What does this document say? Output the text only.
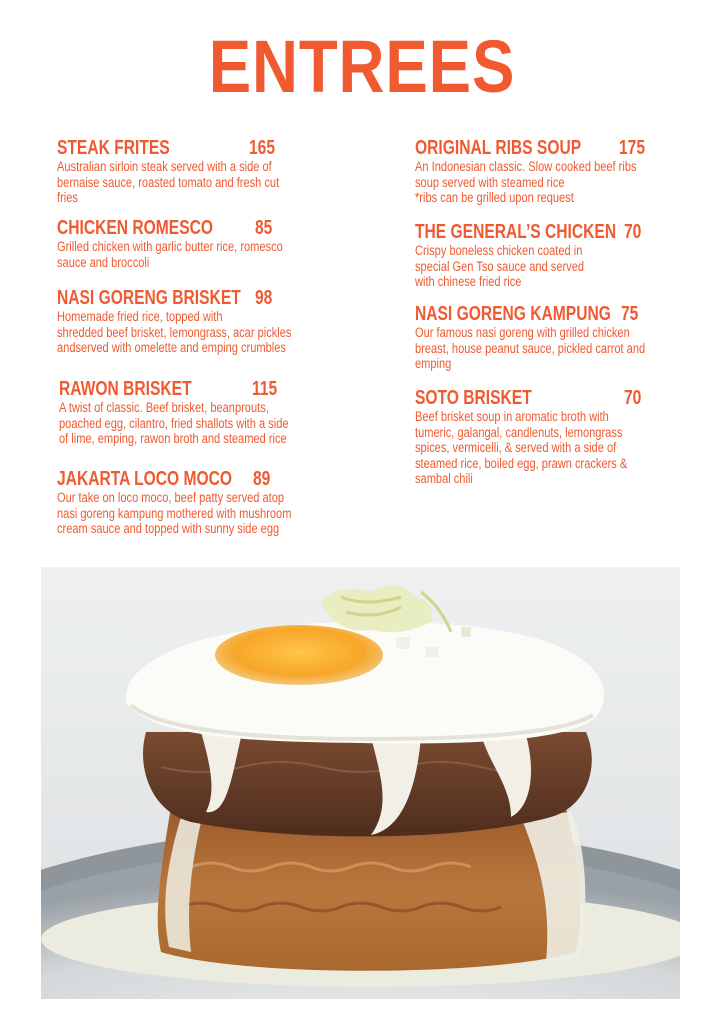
ENTREES
STEAK FRITES	165
Australian sirloin steak served with a side of
bernaise sauce, roasted tomato and fresh cut
fries
CHICKEN ROMESCO 85
Grilled chicken with garlic butter rice, romesco
sauce and broccoli
NASI GORENG BRISKET 98
Homemade fried rice, topped with
shredded beef brisket, lemongrass, acar pickles
andserved with omelette and emping crumbles
RAWON BRISKET	115
A twist of classic. Beef brisket, beanprouts,
poached egg, cilantro, fried shallots with a side
of lime, emping, rawon broth and steamed rice
JAKARTA LOCO MOCO 89
Our take on loco moco, beef patty served atop
nasi goreng kampung mothered with mushroom
cream sauce and topped with sunny side egg
ORIGINAL RIBS SOUP 175
An Indonesian classic. Slow cooked beef ribs
soup served with steamed rice
*ribs can be grilled upon request
THE GENERAL’S CHICKEN 70
Crispy boneless chicken coated in
special Gen Tso sauce and served
with chinese fried rice
NASI GORENG KAMPUNG 75
Our famous nasi goreng with grilled chicken
breast, house peanut sauce, pickled carrot and
emping
SOTO BRISKET	70
Beef brisket soup in aromatic broth with
tumeric, galangal, candlenuts, lemongrass
spices, vermicelli, & served with a side of
steamed rice, boiled egg, prawn crackers &
sambal chili
